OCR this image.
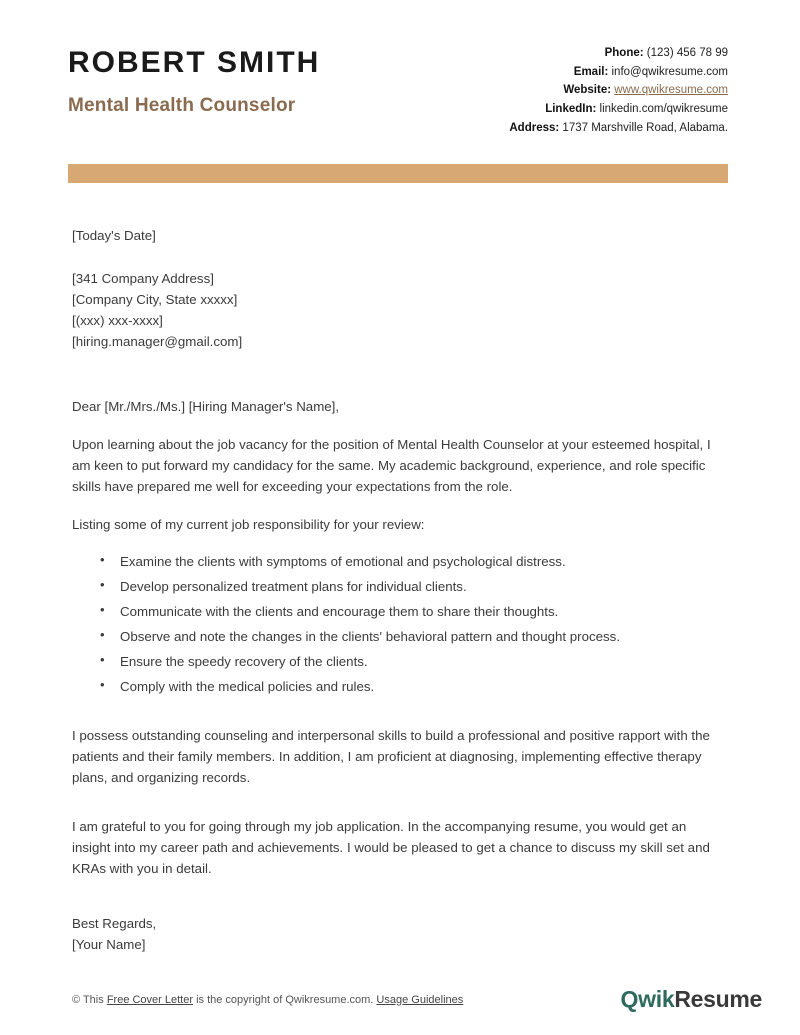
ROBERT SMITH
Mental Health Counselor
Phone: (123) 456 78 99
Email: info@qwikresume.com
Website: www.qwikresume.com
LinkedIn: linkedin.com/qwikresume
Address: 1737 Marshville Road, Alabama.
[Today's Date]
[341 Company Address]
[Company City, State xxxxx]
[(xxx) xxx-xxxx]
[hiring.manager@gmail.com]
Dear [Mr./Mrs./Ms.] [Hiring Manager's Name],

Upon learning about the job vacancy for the position of Mental Health Counselor at your esteemed hospital, I am keen to put forward my candidacy for the same. My academic background, experience, and role specific skills have prepared me well for exceeding your expectations from the role.

Listing some of my current job responsibility for your review:

• Examine the clients with symptoms of emotional and psychological distress.
• Develop personalized treatment plans for individual clients.
• Communicate with the clients and encourage them to share their thoughts.
• Observe and note the changes in the clients' behavioral pattern and thought process.
• Ensure the speedy recovery of the clients.
• Comply with the medical policies and rules.

I possess outstanding counseling and interpersonal skills to build a professional and positive rapport with the patients and their family members. In addition, I am proficient at diagnosing, implementing effective therapy plans, and organizing records.

I am grateful to you for going through my job application. In the accompanying resume, you would get an insight into my career path and achievements. I would be pleased to get a chance to discuss my skill set and KRAs with you in detail.

Best Regards,
[Your Name]
© This Free Cover Letter is the copyright of Qwikresume.com. Usage Guidelines	Qwik Resume
